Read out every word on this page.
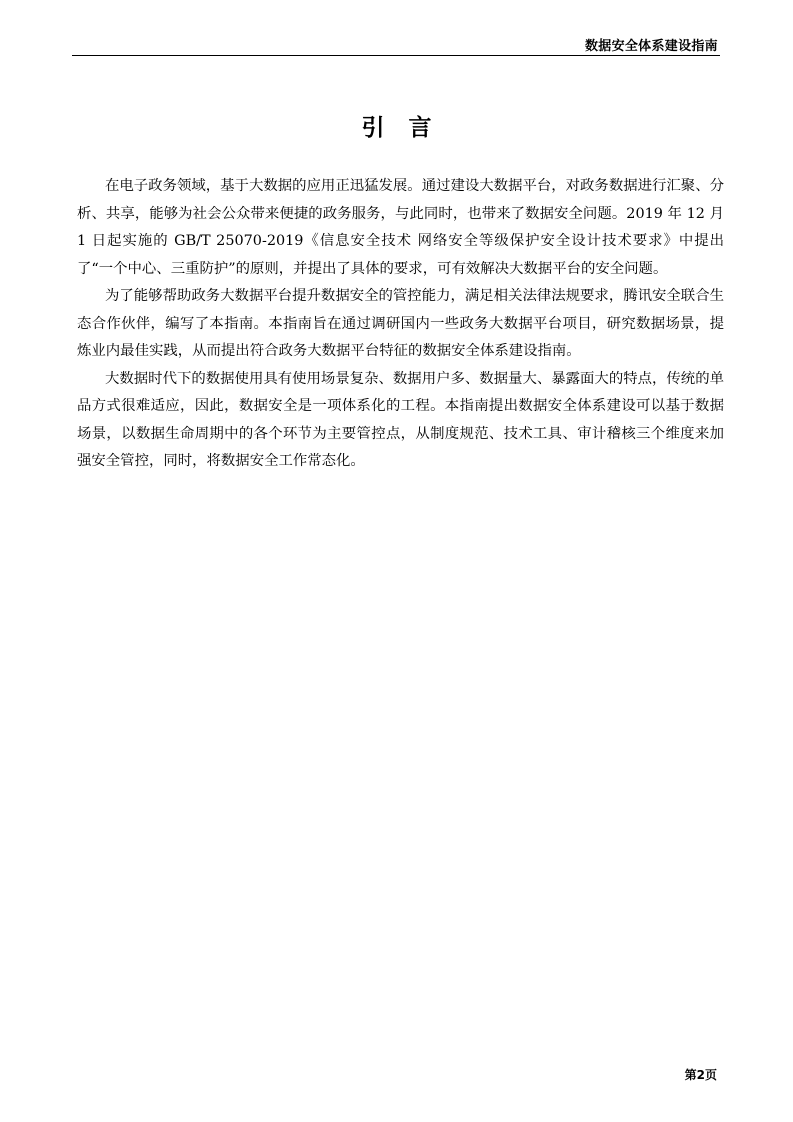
数据安全体系建设指南
引言

在电子政务领域，基于大数据的应用正迅猛发展。通过建设大数据平台，对政务数据进行汇聚、分析、共享，能够为社会公众带来便捷的政务服务，与此同时，也带来了数据安全问题。2019 年 12 月 1 日起实施的 GB/T 25070-2019《信息安全技术 网络安全等级保护安全设计技术要求》中提出了“一个中心、三重防护”的原则，并提出了具体的要求，可有效解决大数据平台的安全问题。

为了能够帮助政务大数据平台提升数据安全的管控能力，满足相关法律法规要求，腾讯安全联合生态合作伙伴，编写了本指南。本指南旨在通过调研国内一些政务大数据平台项目，研究数据场景，提炼业内最佳实践，从而提出符合政务大数据平台特征的数据安全体系建设指南。

大数据时代下的数据使用具有使用场景复杂、数据用户多、数据量大、暴露面大的特点，传统的单品方式很难适应，因此，数据安全是一项体系化的工程。本指南提出数据安全体系建设可以基于数据场景，以数据生命周期中的各个环节为主要管控点，从制度规范、技术工具、审计稽核三个维度来加强安全管控，同时，将数据安全工作常态化。

第2页
